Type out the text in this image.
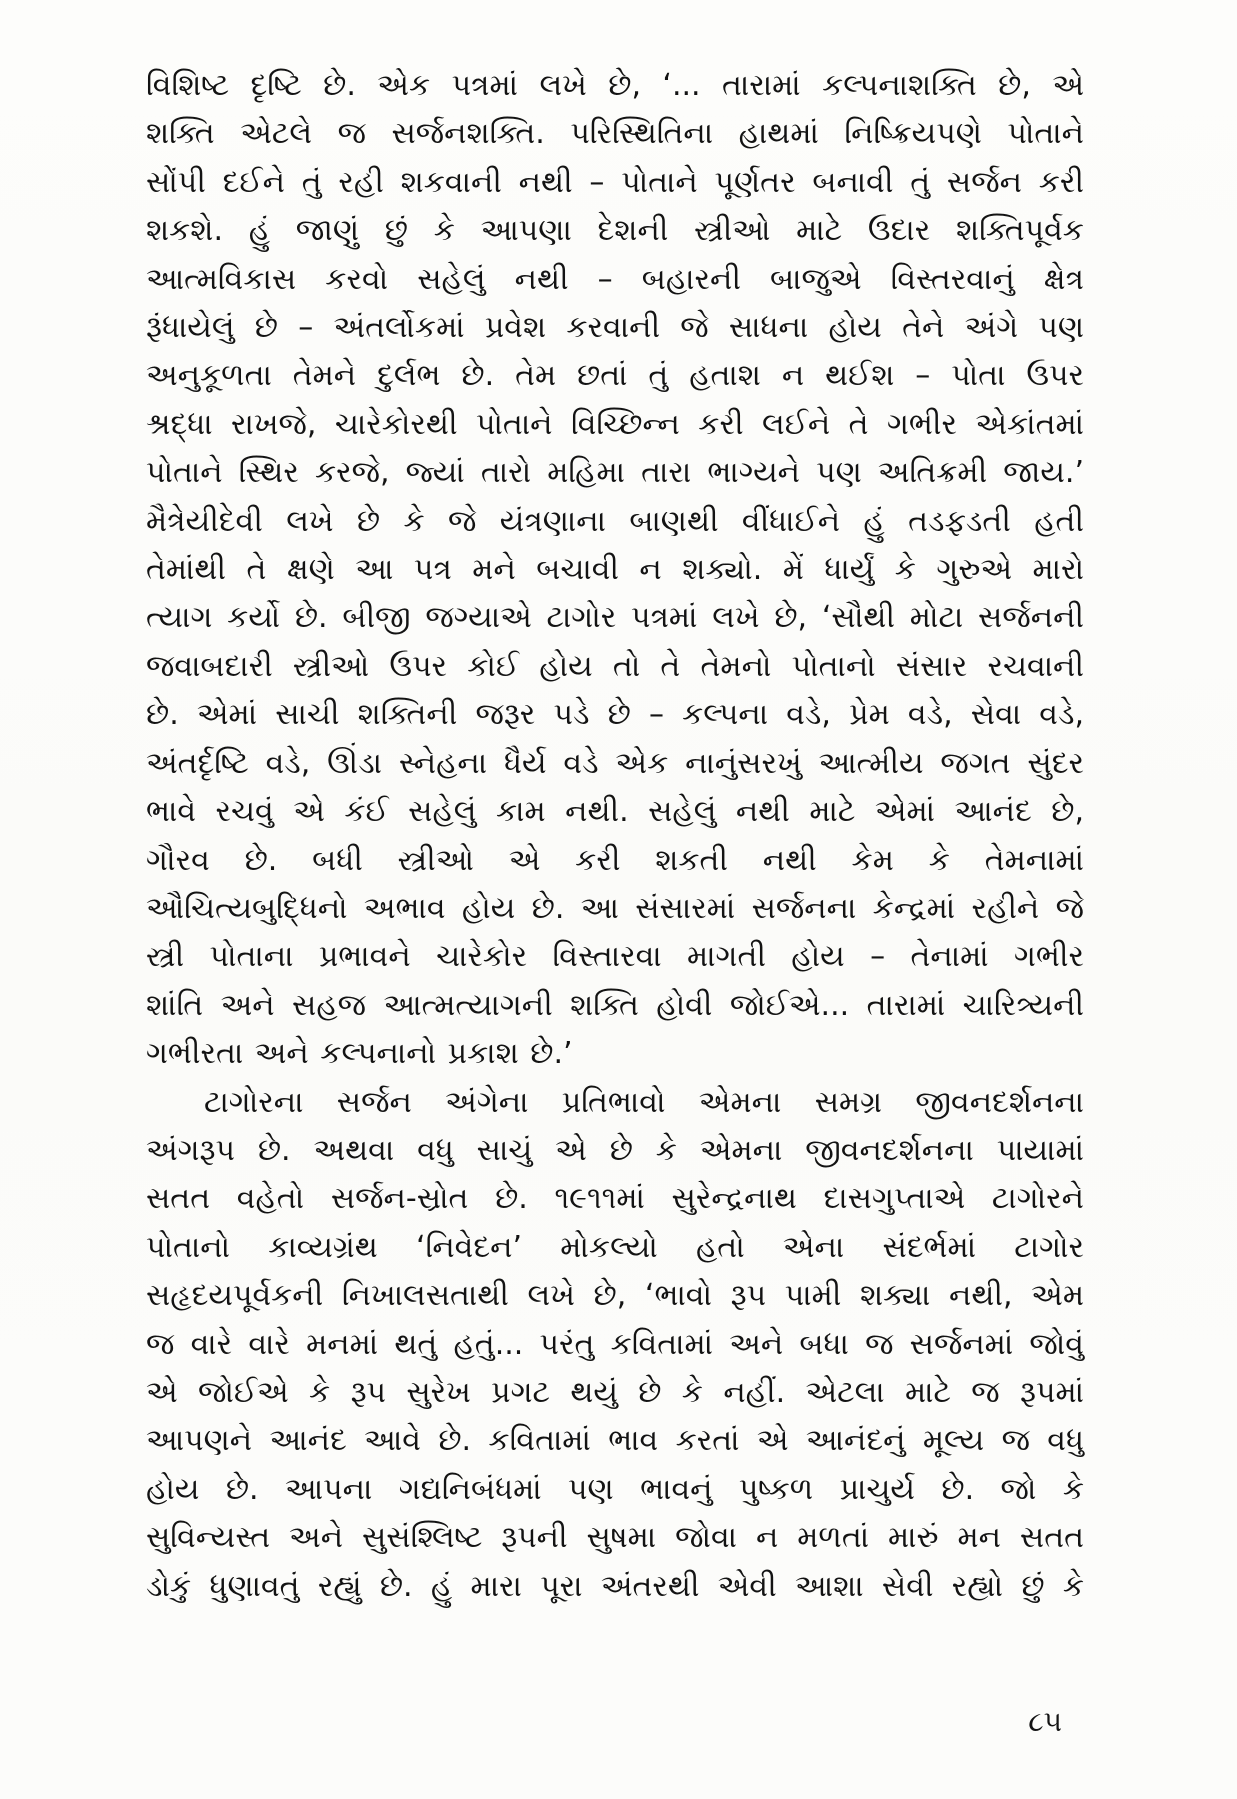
વિશિષ્ટ દૃષ્ટિ છે. એક પત્રમાં લખે છે, ‘... તારામાં કલ્પનાશક્તિ છે, એ
શક્તિ એટલે જ સર્જનશક્તિ. પરિસ્થિતિના હાથમાં નિષ્ક્રિયપણે પોતાને
સોંપી દઈને તું રહી શકવાની નથી – પોતાને પૂર્ણતર બનાવી તું સર્જન કરી
શકશે. હું જાણું છું કે આપણા દેશની સ્ત્રીઓ માટે ઉદાર શક્તિપૂર્વક
આત્મવિકાસ કરવો સહેલું નથી – બહારની બાજુએ વિસ્તરવાનું ક્ષેત્ર
રૂંધાયેલું છે – અંતર્લોકમાં પ્રવેશ કરવાની જે સાધના હોય તેને અંગે પણ
અનુકૂળતા તેમને દુર્લભ છે. તેમ છતાં તું હતાશ ન થઈશ – પોતા ઉપર
શ્રદ્ધા રાખજે, ચારેકોરથી પોતાને વિચ્છિન્ન કરી લઈને તે ગભીર એકાંતમાં
પોતાને સ્થિર કરજે, જ્યાં તારો મહિમા તારા ભાગ્યને પણ અતિક્રમી જાય.’
મૈત્રેયીદેવી લખે છે કે જે યંત્રણાના બાણથી વીંધાઈને હું તડફડતી હતી
તેમાંથી તે ક્ષણે આ પત્ર મને બચાવી ન શક્યો. મેં ધાર્યું કે ગુરુએ મારો
ત્યાગ કર્યો છે. બીજી જગ્યાએ ટાગોર પત્રમાં લખે છે, ‘સૌથી મોટા સર્જનની
જવાબદારી સ્ત્રીઓ ઉપર કોઈ હોય તો તે તેમનો પોતાનો સંસાર રચવાની
છે. એમાં સાચી શક્તિની જરૂર પડે છે – કલ્પના વડે, પ્રેમ વડે, સેવા વડે,
અંતર્દૃષ્ટિ વડે, ઊંડા સ્નેહના ધૈર્ય વડે એક નાનુંસરખું આત્મીય જગત સુંદર
ભાવે રચવું એ કંઈ સહેલું કામ નથી. સહેલું નથી માટે એમાં આનંદ છે,
ગૌરવ છે. બધી સ્ત્રીઓ એ કરી શકતી નથી કેમ કે તેમનામાં
ઔચિત્યબુદ્ધિનો અભાવ હોય છે. આ સંસારમાં સર્જનના કેન્દ્રમાં રહીને જે
સ્ત્રી પોતાના પ્રભાવને ચારેકોર વિસ્તારવા માગતી હોય – તેનામાં ગભીર
શાંતિ અને સહજ આત્મત્યાગની શક્તિ હોવી જોઈએ... તારામાં ચારિત્ર્યની
ગભીરતા અને કલ્પનાનો પ્રકાશ છે.’
ટાગોરના સર્જન અંગેના પ્રતિભાવો એમના સમગ્ર જીવનદર્શનના
અંગરૂપ છે. અથવા વધુ સાચું એ છે કે એમના જીવનદર્શનના પાયામાં
સતત વહેતો સર્જન-સ્રોત છે. ૧૯૧૧માં સુરેન્દ્રનાથ દાસગુપ્તાએ ટાગોરને
પોતાનો કાવ્યગ્રંથ ‘નિવેદન’ મોકલ્યો હતો એના સંદર્ભમાં ટાગોર
સહૃદયપૂર્વકની નિખાલસતાથી લખે છે, ‘ભાવો રૂપ પામી શક્યા નથી, એમ
જ વારે વારે મનમાં થતું હતું... પરંતુ કવિતામાં અને બધા જ સર્જનમાં જોવું
એ જોઈએ કે રૂપ સુરેખ પ્રગટ થયું છે કે નહીં. એટલા માટે જ રૂપમાં
આપણને આનંદ આવે છે. કવિતામાં ભાવ કરતાં એ આનંદનું મૂલ્ય જ વધુ
હોય છે. આપના ગદ્યનિબંધમાં પણ ભાવનું પુષ્કળ પ્રાચુર્ય છે. જો કે
સુવિન્યસ્ત અને સુસંશ્લિષ્ટ રૂપની સુષમા જોવા ન મળતાં મારું મન સતત
ડોકું ધુણાવતું રહ્યું છે. હું મારા પૂરા અંતરથી એવી આશા સેવી રહ્યો છું કે
૮૫
